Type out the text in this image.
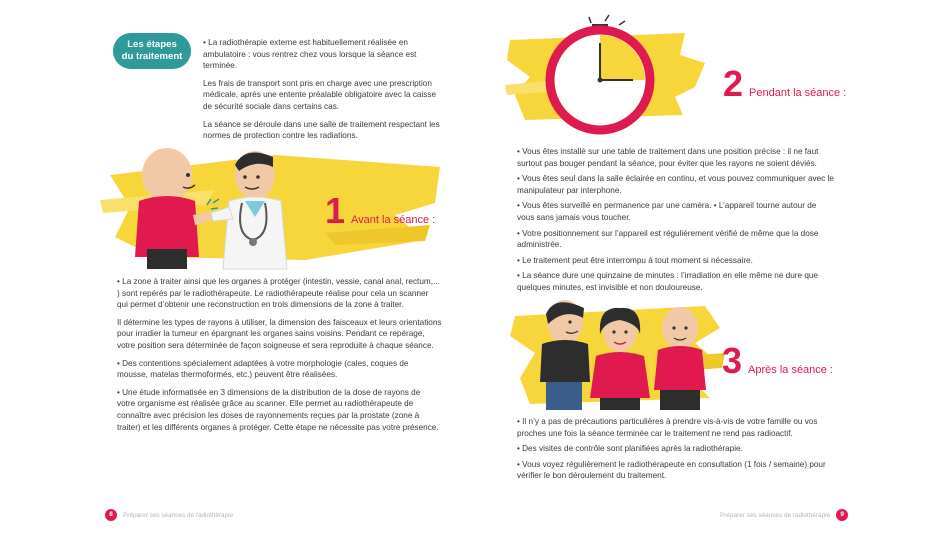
Les étapes
du traitement
• La radiothérapie externe est habituellement réalisée en
ambulatoire : vous rentrez chez vous lorsque la séance est
terminée.
Les frais de transport sont pris en charge avec une prescription
médicale, après une entente préalable obligatoire avec la caisse
de sécurité sociale dans certains cas.
La séance se déroule dans une salle de traitement respectant les
normes de protection contre les radiations.
1 Avant la séance :
• La zone à traiter ainsi que les organes à protéger (intestin, vessie, canal anal, rectum,...
) sont repérés par le radiothérapeute. Le radiothérapeute réalise pour cela un scanner
qui permet d’obtenir une reconstruction en trois dimensions de la zone à traiter.
Il détermine les types de rayons à utiliser, la dimension des faisceaux et leurs orientations
pour irradier la tumeur en épargnant les organes sains voisins. Pendant ce repérage,
votre position sera déterminée de façon soigneuse et sera reproduite à chaque séance.
• Des contentions spécialement adaptées à votre morphologie (cales, coques de
mousse, matelas thermoformés, etc.) peuvent être réalisées.
• Une étude informatisée en 3 dimensions de la distribution de la dose de rayons de
votre organisme est réalisée grâce au scanner. Elle permet au radiothérapeute de
connaître avec précision les doses de rayonnements reçues par la prostate (zone à
traiter) et les différents organes à protéger. Cette étape ne nécessite pas votre présence.
8	Préparer ses séances de radiothérapie
2 Pendant la séance :
• Vous êtes installé sur une table de traitement dans une position précise : il ne faut
surtout pas bouger pendant la séance, pour éviter que les rayons ne soient déviés.
• Vous êtes seul dans la salle éclairée en continu, et vous pouvez communiquer avec le
manipulateur par interphone.
• Vous êtes surveillé en permanence par une caméra. • L’appareil tourne autour de
vous sans jamais vous toucher.
• Votre positionnement sur l’appareil est régulièrement vérifié de même que la dose
administrée.
• Le traitement peut être interrompu à tout moment si nécessaire.
• La séance dure une quinzaine de minutes : l’irradiation en elle même ne dure que
quelques minutes, est invisible et non douloureuse.
3 Après la séance :
• Il n’y a pas de précautions particulières à prendre vis-à-vis de votre famille ou vos
proches une fois la séance terminée car le traitement ne rend pas radioactif.
• Des visites de contrôle sont planifiées après la radiothérapie.
• Vous voyez régulièrement le radiothérapeute en consultation (1 fois / semaine) pour
vérifier le bon déroulement du traitement.
Préparer ses séances de radiothérapie	9
